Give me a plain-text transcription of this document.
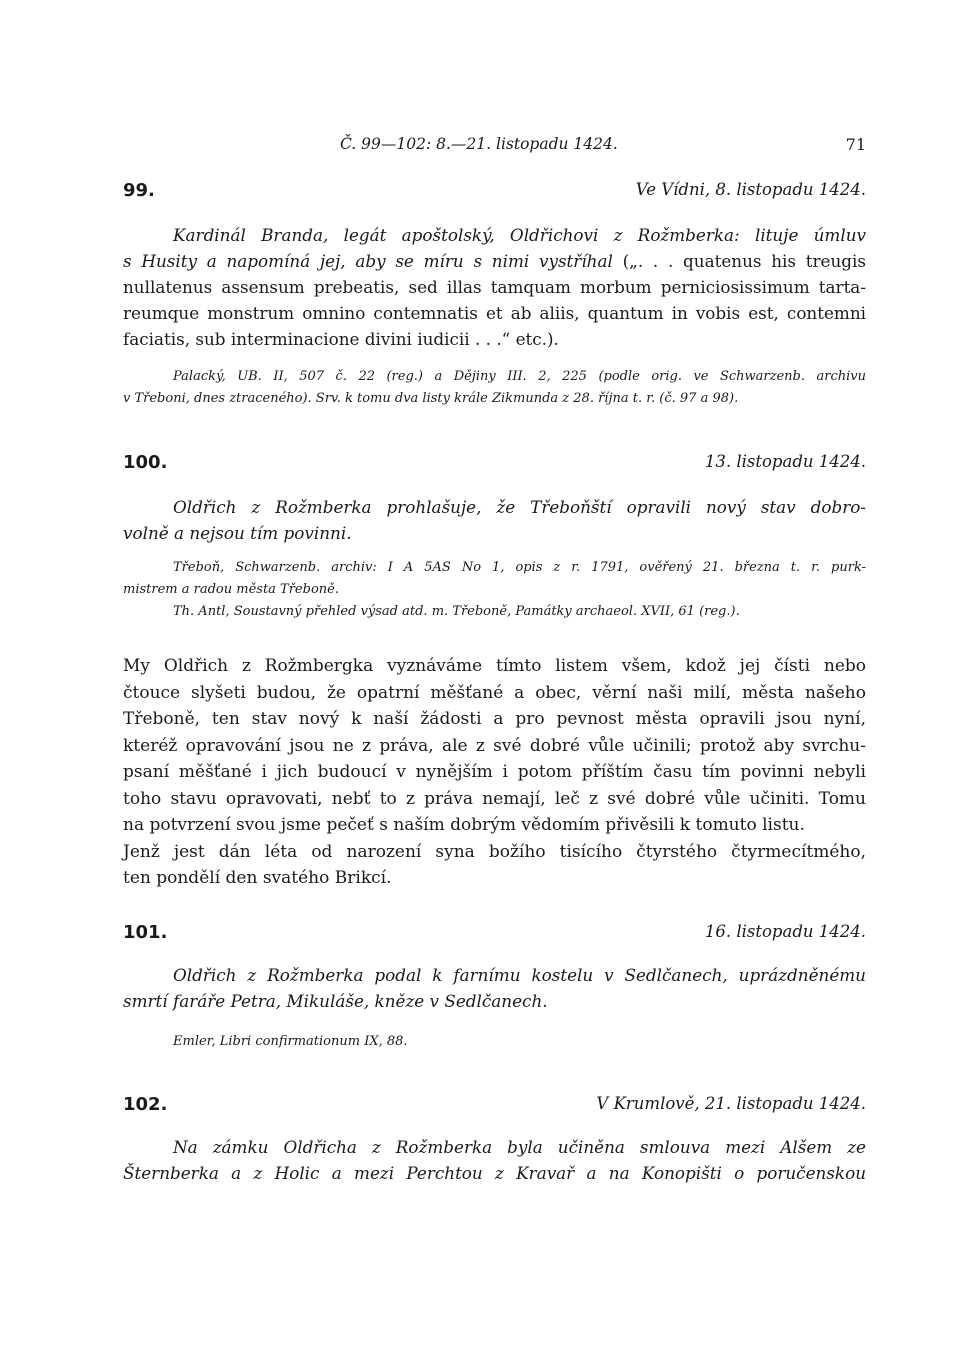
Č. 99—102: 8.—21. listopadu 1424.	71
99.	Ve Vídni, 8. listopadu 1424.
Kardinál Branda, legát apoštolský, Oldřichovi z Rožmberka: lituje úmluv
s Husity a napomíná jej, aby se míru s nimi vystříhal („. . . quatenus his treugis
nullatenus assensum prebeatis, sed illas tamquam morbum perniciosissimum tarta-
reumque monstrum omnino contemnatis et ab aliis, quantum in vobis est, contemni
faciatis, sub interminacione divini iudicii . . .“ etc.).
Palacký, UB. II, 507 č. 22 (reg.) a Dějiny III. 2, 225 (podle orig. ve Schwarzenb. archivu
v Třeboni, dnes ztraceného). Srv. k tomu dva listy krále Zikmunda z 28. října t. r. (č. 97 a 98).
100.	13. listopadu 1424.
Oldřich z Rožmberka prohlašuje, že Třeboňští opravili nový stav dobro-
volně a nejsou tím povinni.
Třeboň, Schwarzenb. archiv: I A 5AS No 1, opis z r. 1791, ověřený 21. března t. r. purk-
mistrem a radou města Třeboně.
Th. Antl, Soustavný přehled výsad atd. m. Třeboně, Památky archaeol. XVII, 61 (reg.).
My Oldřich z Rožmbergka vyznáváme tímto listem všem, kdož jej čísti nebo
čtouce slyšeti budou, že opatrní měšťané a obec, věrní naši milí, města našeho
Třeboně, ten stav nový k naší žádosti a pro pevnost města opravili jsou nyní,
kteréž opravování jsou ne z práva, ale z své dobré vůle učinili; protož aby svrchu-
psaní měšťané i jich budoucí v nynějším i potom příštím času tím povinni nebyli
toho stavu opravovati, nebť to z práva nemají, leč z své dobré vůle učiniti. Tomu
na potvrzení svou jsme pečeť s naším dobrým vědomím přivěsili k tomuto listu.
Jenž jest dán léta od narození syna božího tisícího čtyrstého čtyrmecítmého,
ten pondělí den svatého Brikcí.
101.	16. listopadu 1424.
Oldřich z Rožmberka podal k farnímu kostelu v Sedlčanech, uprázdněnému
smrtí faráře Petra, Mikuláše, kněze v Sedlčanech.
Emler, Libri confirmationum IX, 88.
102.	V Krumlově, 21. listopadu 1424.
Na zámku Oldřicha z Rožmberka byla učiněna smlouva mezi Alšem ze
Šternberka a z Holic a mezi Perchtou z Kravař a na Konopišti o poručenskou
